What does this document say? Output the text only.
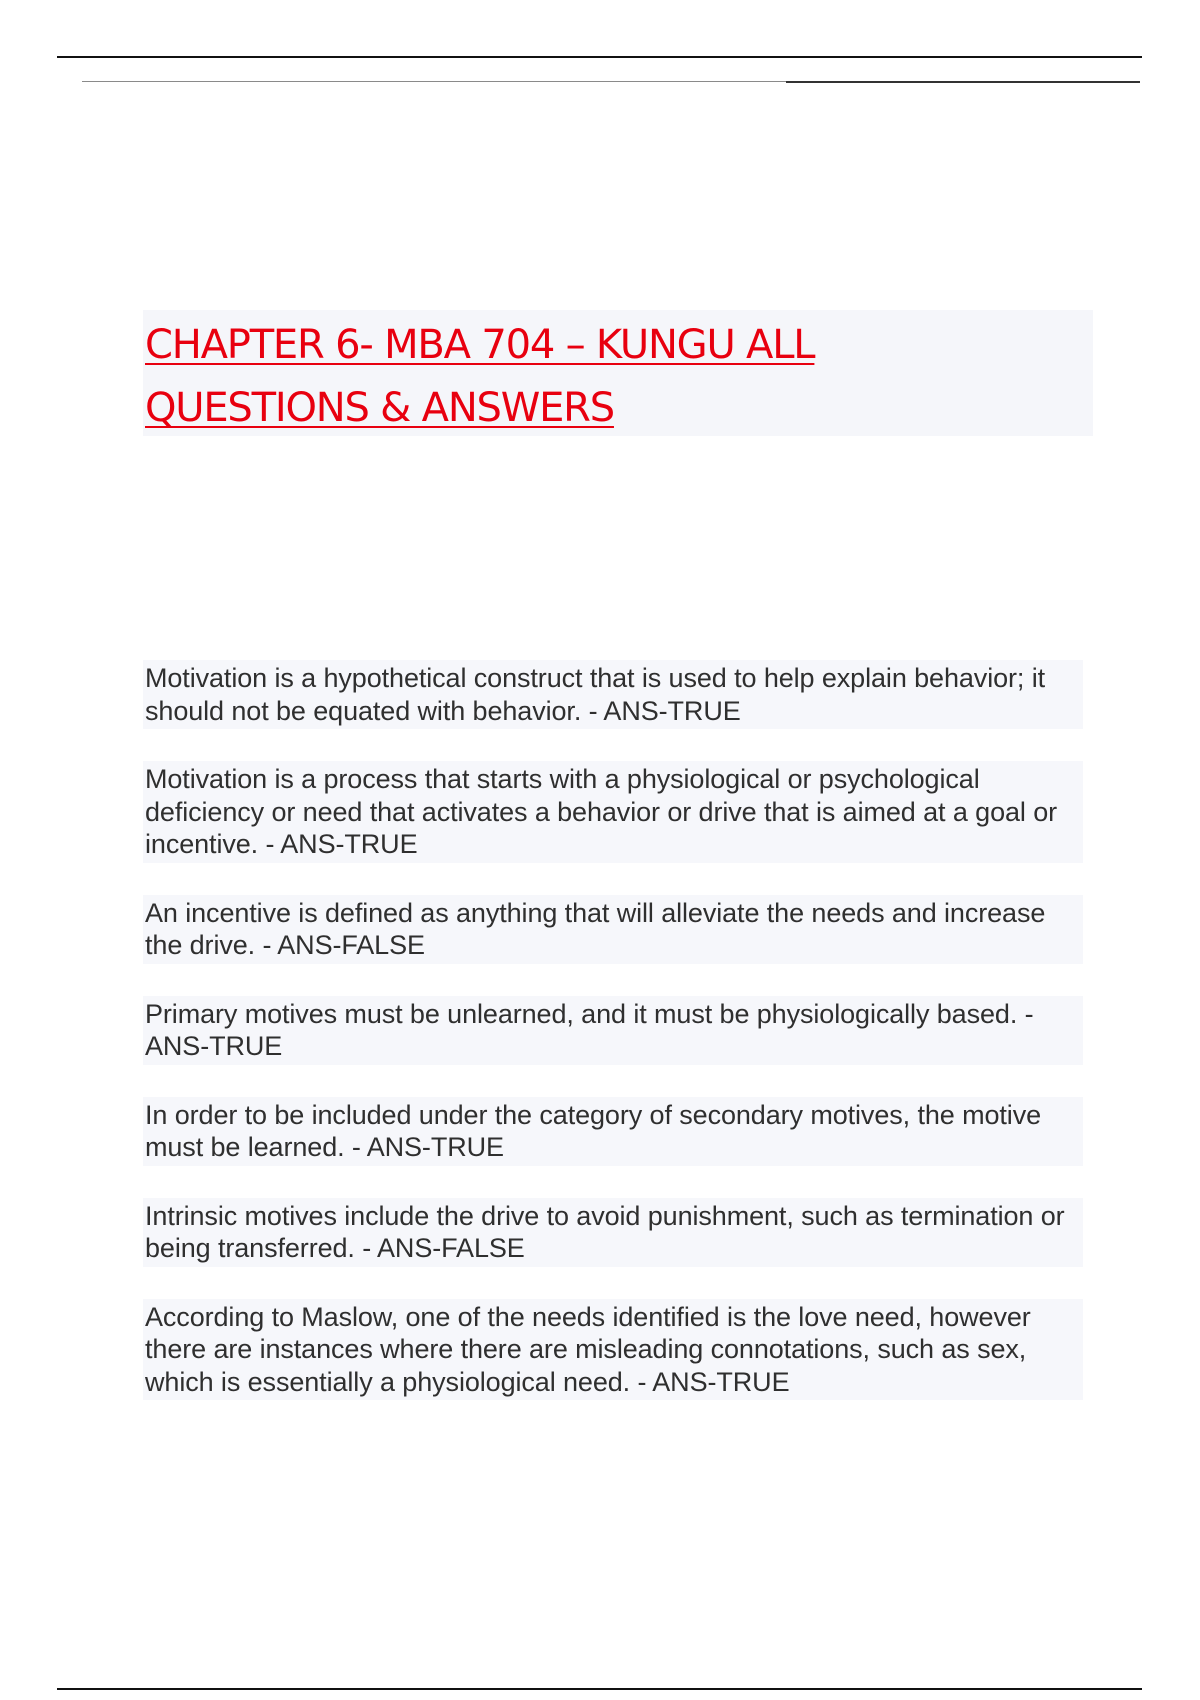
CHAPTER 6- MBA 704 – KUNGU ALL
QUESTIONS & ANSWERS
Motivation is a hypothetical construct that is used to help explain behavior; it should not be equated with behavior. - ANS-TRUE
Motivation is a process that starts with a physiological or psychological deficiency or need that activates a behavior or drive that is aimed at a goal or incentive. - ANS-TRUE
An incentive is defined as anything that will alleviate the needs and increase the drive. - ANS-FALSE
Primary motives must be unlearned, and it must be physiologically based. - ANS-TRUE
In order to be included under the category of secondary motives, the motive must be learned. - ANS-TRUE
Intrinsic motives include the drive to avoid punishment, such as termination or being transferred. - ANS-FALSE
According to Maslow, one of the needs identified is the love need, however there are instances where there are misleading connotations, such as sex, which is essentially a physiological need. - ANS-TRUE
